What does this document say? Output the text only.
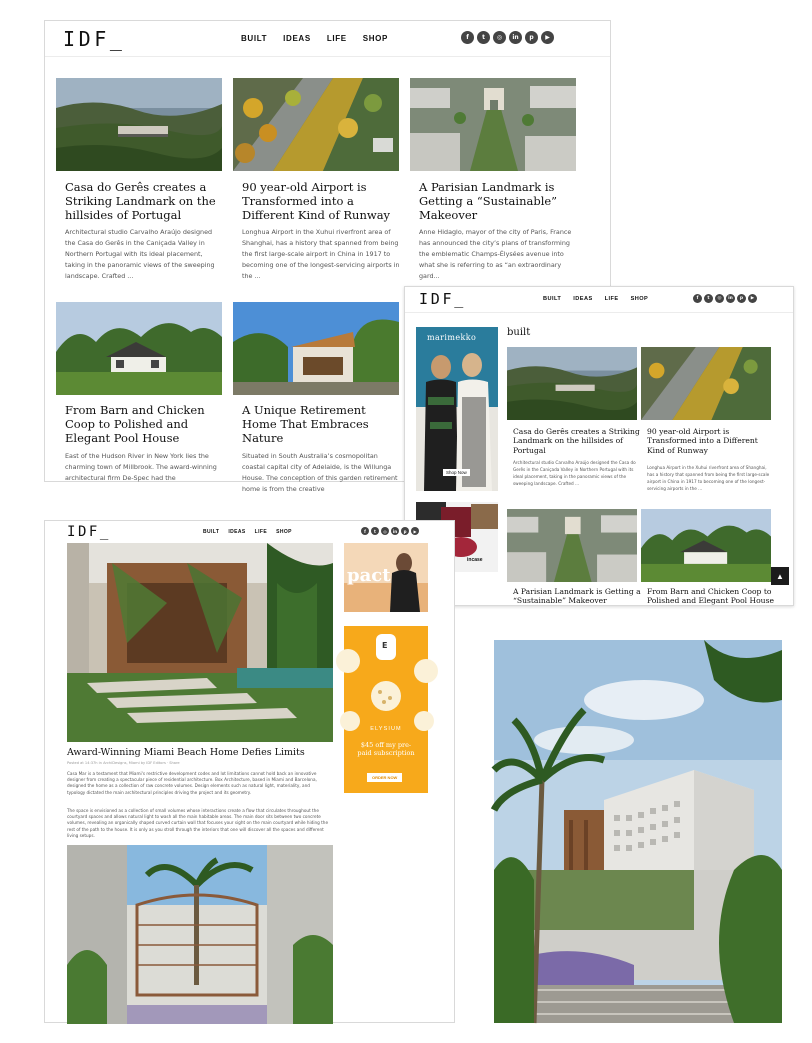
IDF_	BUILT IDEAS LIFE SHOP	f	t	◎	in	p	▶
Casa do Gerês creates a Striking Landmark on the hillsides of Portugal
Architectural studio Carvalho Araújo designed the Casa do Gerês in the Caniçada Valley in Northern Portugal with its ideal placement, taking in the panoramic views of the sweeping landscape. Crafted ...
90 year-old Airport is Transformed into a Different Kind of Runway
Longhua Airport in the Xuhui riverfront area of Shanghai, has a history that spanned from being the first large-scale airport in China in 1917 to becoming one of the longest-servicing airports in the ...
A Parisian Landmark is Getting a “Sustainable” Makeover
Anne Hidaglo, mayor of the city of Paris, France has announced the city’s plans of transforming the emblematic Champs-Élysées avenue into what she is referring to as “an extraordinary gard...
From Barn and Chicken Coop to Polished and Elegant Pool House
East of the Hudson River in New York lies the charming town of Millbrook. The award-winning architectural firm De-Spec had the
A Unique Retirement Home That Embraces Nature
Situated in South Australia’s cosmopolitan coastal capital city of Adelaide, is the Willunga House. The conception of this garden retirement home is from the creative
IDF_	BUILT IDEAS LIFE SHOP	f	t	◎	in	p	▶
built
marimekko
Shop Now
incase
Casa do Gerês creates a Striking Landmark on the hillsides of Portugal
Architectural studio Carvalho Araújo designed the Casa do Gerês in the Caniçada Valley in Northern Portugal with its ideal placement, taking in the panoramic views of the sweeping landscape. Crafted ...
90 year-old Airport is Transformed into a Different Kind of Runway
Longhua Airport in the Xuhui riverfront area of Shanghai, has a history that spanned from being the first large-scale airport in China in 1917 to becoming one of the longest-servicing airports in the ...
A Parisian Landmark is Getting a “Sustainable” Makeover
From Barn and Chicken Coop to Polished and Elegant Pool House
▲
IDF_	BUILT IDEAS LIFE SHOP	f	t	◎	in	p	▶
Award-Winning Miami Beach Home Defies Limits
Posted at 14:37h in ArchiDesigns, Miami by IDF Editors · Share
Casa Mar is a testament that Miami's restrictive development codes and lot limitations cannot hold back an innovative designer from creating a spectacular piece of residential architecture. Box Architecture, based in Miami and Barcelona, designed the home as a collection of raw concrete volumes. Design elements such as natural light, materiality, and typology dictated the main architectural principles driving the project and its geometry.
The space is envisioned as a collection of small volumes whose interactions create a flow that circulates throughout the courtyard spaces and allows natural light to wash all the main habitable areas. The main door sits between two concrete volumes, revealing an organically shaped curved curtain wall that focuses your sight on the main courtyard while hiding the rest of the path to the house. It is only as you stroll through the interiors that one will discover all the spaces and different living setups.
pact
E
ELYSIUM
$45 off my pre-paid subscription
ORDER NOW
